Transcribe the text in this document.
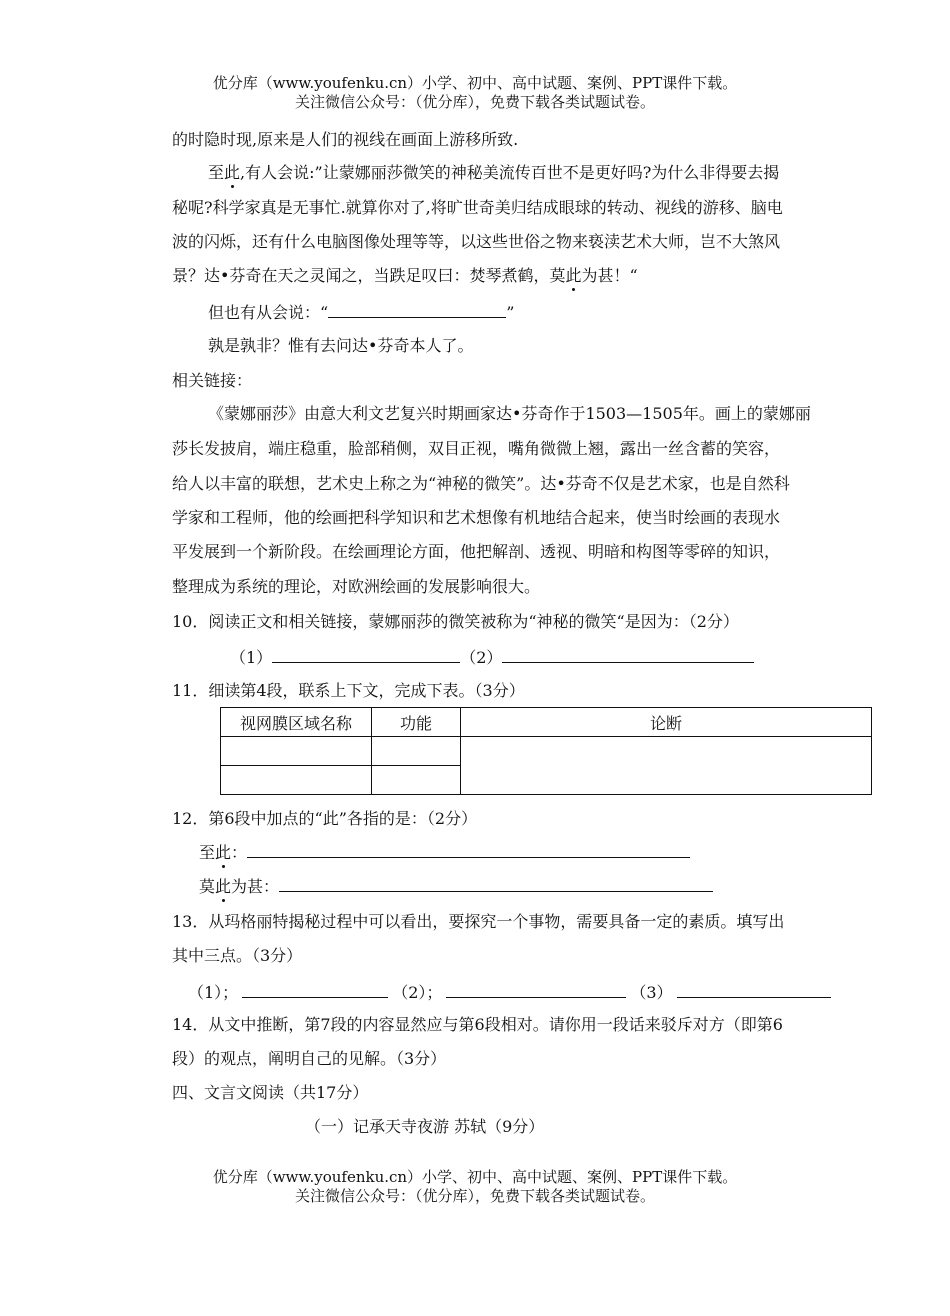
优分库（www.youfenku.cn）小学、初中、高中试题、案例、PPT课件下载。
关注微信公众号：（优分库），免费下载各类试题试卷。
的时隐时现,原来是人们的视线在画面上游移所致.
至此,有人会说:”让蒙娜丽莎微笑的神秘美流传百世不是更好吗?为什么非得要去揭
秘呢?科学家真是无事忙.就算你对了,将旷世奇美归结成眼球的转动、视线的游移、脑电
波的闪烁，还有什么电脑图像处理等等，以这些世俗之物来亵渎艺术大师，岂不大煞风
景？达•芬奇在天之灵闻之，当跌足叹曰：焚琴煮鹤，莫此为甚！“
但也有从会说：“	”
孰是孰非？惟有去问达•芬奇本人了。
相关链接：
《蒙娜丽莎》由意大利文艺复兴时期画家达•芬奇作于1503—1505年。画上的蒙娜丽
莎长发披肩，端庄稳重，脸部稍侧，双目正视，嘴角微微上翘，露出一丝含蓄的笑容，
给人以丰富的联想，艺术史上称之为“神秘的微笑”。达•芬奇不仅是艺术家，也是自然科
学家和工程师，他的绘画把科学知识和艺术想像有机地结合起来，使当时绘画的表现水
平发展到一个新阶段。在绘画理论方面，他把解剖、透视、明暗和构图等零碎的知识，
整理成为系统的理论，对欧洲绘画的发展影响很大。
10．阅读正文和相关链接，蒙娜丽莎的微笑被称为“神秘的微笑“是因为：（2分）
（1）	（2）
11．细读第4段，联系上下文，完成下表。（3分）
视网膜区域名称	功能	论断

12．第6段中加点的“此”各指的是：（2分）
至此：
莫此为甚：
13．从玛格丽特揭秘过程中可以看出，要探究一个事物，需要具备一定的素质。填写出
其中三点。（3分）
（1）；	（2）；	（3）
14．从文中推断，第7段的内容显然应与第6段相对。请你用一段话来驳斥对方（即第6
段）的观点，阐明自己的见解。（3分）
四、文言文阅读（共17分）
（一）记承天寺夜游 苏轼（9分）
优分库（www.youfenku.cn）小学、初中、高中试题、案例、PPT课件下载。
关注微信公众号：（优分库），免费下载各类试题试卷。
